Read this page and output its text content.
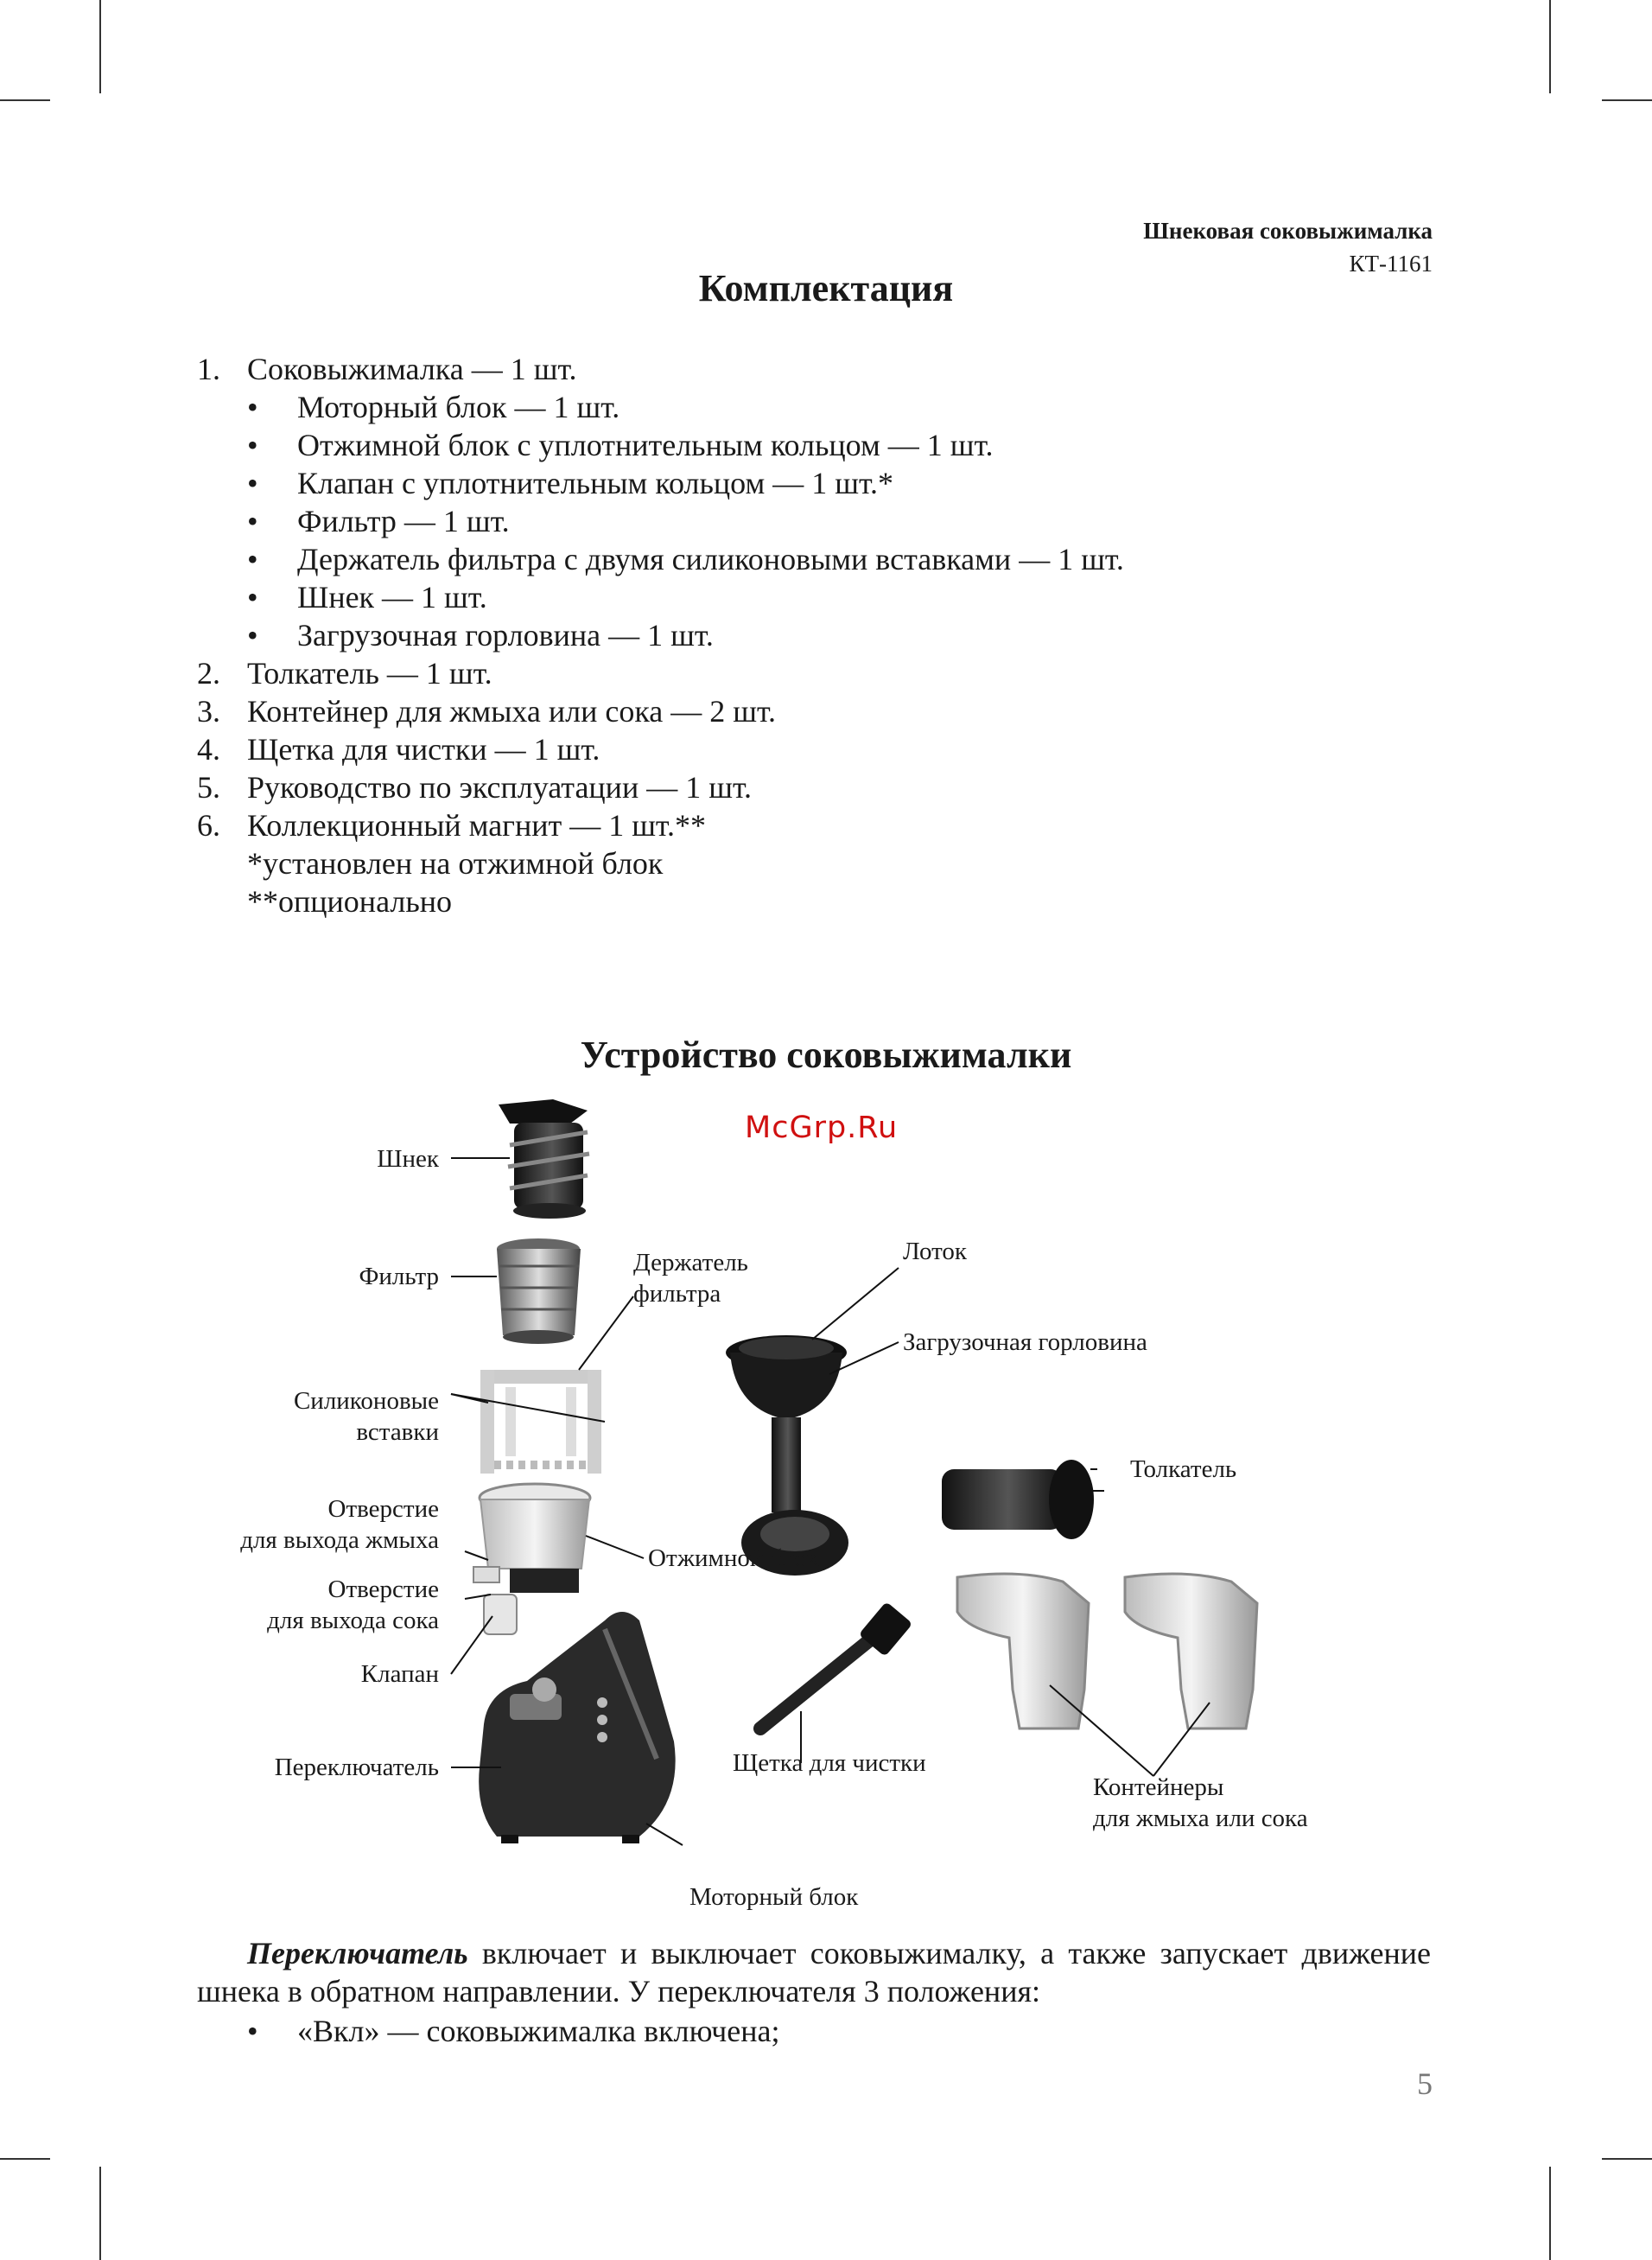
Шнековая соковыжималка
КТ-1161
Комплектация
1. Соковыжималка — 1 шт.
• Моторный блок — 1 шт.
• Отжимной блок с уплотнительным кольцом — 1 шт.
• Клапан с уплотнительным кольцом — 1 шт.*
• Фильтр — 1 шт.
• Держатель фильтра с двумя силиконовыми вставками — 1 шт.
• Шнек — 1 шт.
• Загрузочная горловина — 1 шт.
2. Толкатель — 1 шт.
3. Контейнер для жмыха или сока — 2 шт.
4. Щетка для чистки — 1 шт.
5. Руководство по эксплуатации — 1 шт.
6. Коллекционный магнит — 1 шт.**
*установлен на отжимной блок
**опционально
Устройство соковыжималки
McGrp.Ru
Шнек
Фильтр	Держатель
фильтра
Силиконовые
вставки
Отверстие
для выхода жмыха
Отверстие
для выхода сока
Клапан
Переключатель
Лоток
Загрузочная горловина
Толкатель
Отжимной блок
Щетка для чистки
Контейнеры
для жмыха или сока
Моторный блок
Переключатель включает и выключает соковыжималку, а также запускает движение шнека в обратном направлении. У переключателя 3 положения:
• «Вкл» — соковыжималка включена;
5
